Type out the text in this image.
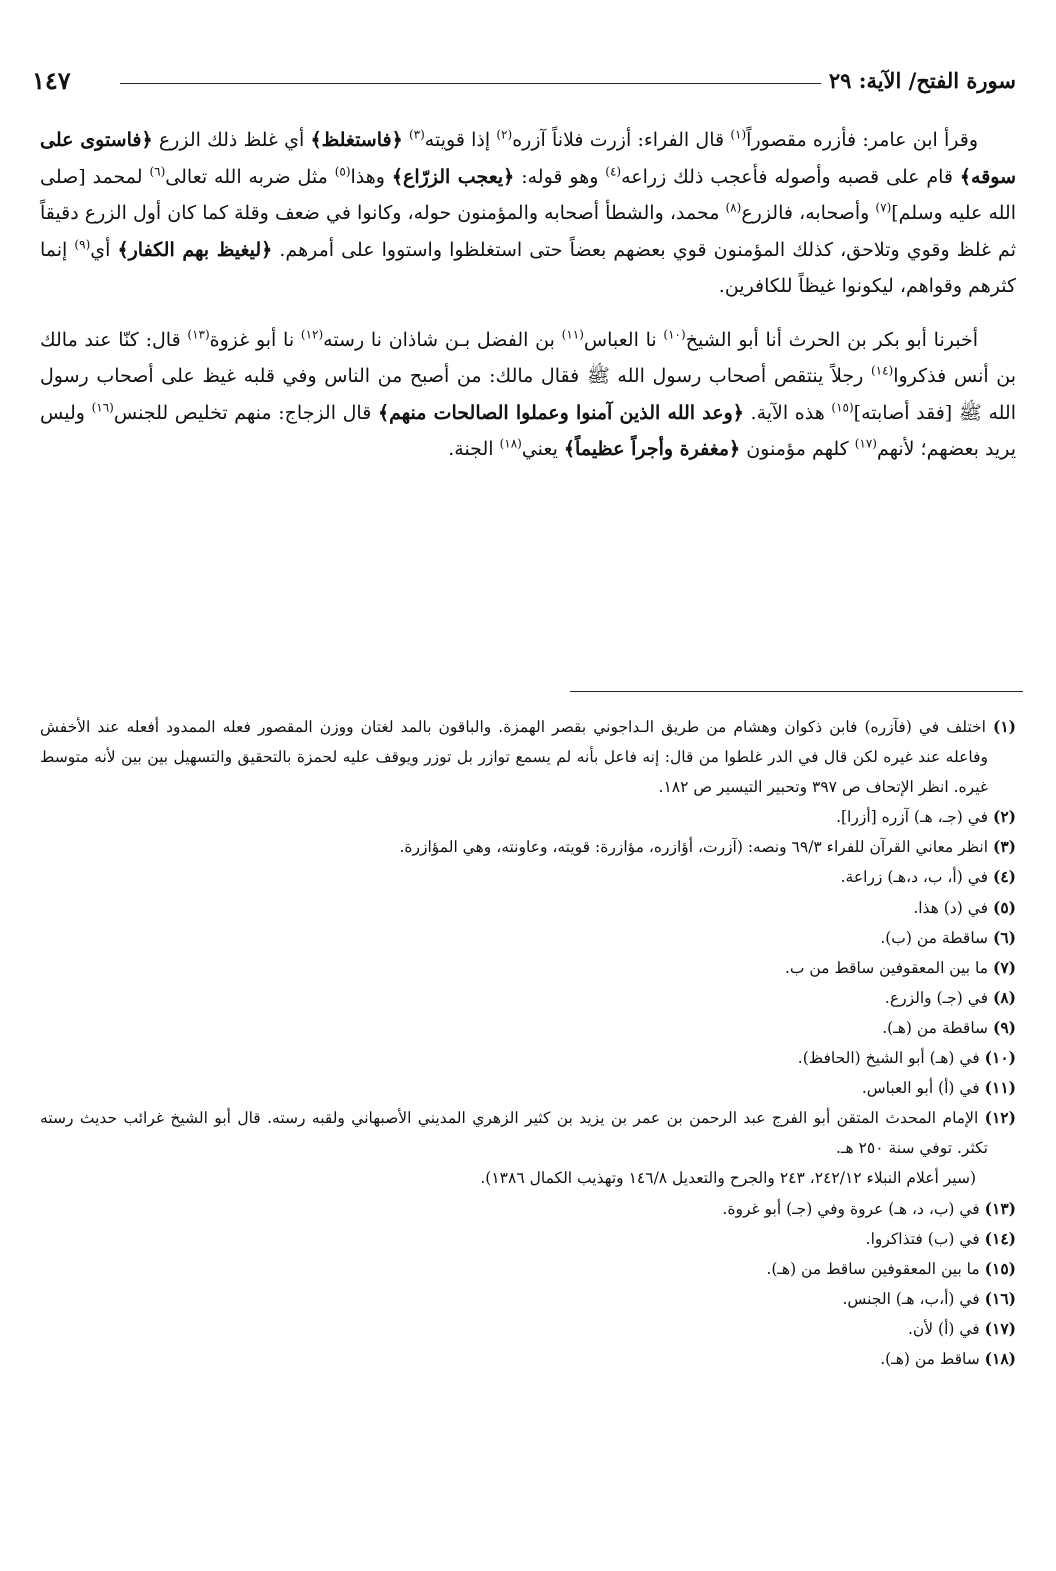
سورة الفتح/ الآية: ٢٩
١٤٧

وقرأ ابن عامر: فأزره مقصوراً$^{(١)}$ قال الفراء: أزرت فلاناً آزره$^{(٢)}$ إذا قويته$^{(٣)}$ ﴿فاستغلظ﴾ أي غلظ ذلك الزرع ﴿فاستوى على سوقه﴾ قام على قصبه وأصوله فأعجب ذلك زراعه$^{(٤)}$ وهو قوله: ﴿يعجب الزرّاع﴾ وهذا$^{(٥)}$ مثل ضربه الله تعالى$^{(٦)}$ لمحمد [صلى الله عليه وسلم]$^{(٧)}$ وأصحابه، فالزرع$^{(٨)}$ محمد، والشطأ أصحابه والمؤمنون حوله، وكانوا في ضعف وقلة كما كان أول الزرع دقيقاً ثم غلظ وقوي وتلاحق، كذلك المؤمنون قوي بعضهم بعضاً حتى استغلظوا واستووا على أمرهم. ﴿ليغيظ بهم الكفار﴾ أي$^{(٩)}$ إنما كثرهم وقواهم، ليكونوا غيظاً للكافرين.

أخبرنا أبو بكر بن الحرث أنا أبو الشيخ$^{(١٠)}$ نا العباس$^{(١١)}$ بن الفضل بـن شاذان نا رسته$^{(١٢)}$ نا أبو غزوة$^{(١٣)}$ قال: كنّا عند مالك بن أنس فذكروا$^{(١٤)}$ رجلاً ينتقص أصحاب رسول الله ﷺ فقال مالك: من أصبح من الناس وفي قلبه غيظ على أصحاب رسول الله ﷺ [فقد أصابته]$^{(١٥)}$ هذه الآية. ﴿وعد الله الذين آمنوا وعملوا الصالحات منهم﴾ قال الزجاج: منهم تخليص للجنس$^{(١٦)}$ وليس يريد بعضهم؛ لأنهم$^{(١٧)}$ كلهم مؤمنون ﴿مغفرة وأجراً عظيماً﴾ يعني$^{(١٨)}$ الجنة.

(١) اختلف في (فآزره) فابن ذكوان وهشام من طريق الـداجوني بقصر الهمزة. والباقون بالمد لغتان ووزن المقصور فعله الممدود أفعله عند الأخفش وفاعله عند غيره لكن قال في الدر غلطوا من قال: إنه فاعل بأنه لم يسمع توازر بل توزر ويوقف عليه لحمزة بالتحقيق والتسهيل بين بين لأنه متوسط غيره. انظر الإتحاف ص ٣٩٧ وتحبير التيسير ص ١٨٢.

(٢) في (جـ، هـ) آزره [أزرا].

(٣) انظر معاني القرآن للفراء ٦٩/٣ ونصه: (آزرت، أؤازره، مؤازرة: قويته، وعاونته، وهي المؤازرة.

(٤) في (أ، ب، د،هـ) زراعة.

(٥) في (د) هذا.

(٦) ساقطة من (ب).

(٧) ما بين المعقوفين ساقط من ب.

(٨) في (جـ) والزرع.

(٩) ساقطة من (هـ).

(١٠) في (هـ) أبو الشيخ (الحافظ).

(١١) في (أ) أبو العباس.

(١٢) الإمام المحدث المتقن أبو الفرج عبد الرحمن بن عمر بن يزيد بن كثير الزهري المديني الأصبهاني ولقبه رسته. قال أبو الشيخ غرائب حديث رسته تكثر. توفي سنة ٢٥٠ هـ.

(سير أعلام النبلاء ٢٤٢/١٢، ٢٤٣ والجرح والتعديل ١٤٦/٨ وتهذيب الكمال ١٣٨٦).

(١٣) في (ب، د، هـ) عروة وفي (جـ) أبو غروة.

(١٤) في (ب) فتذاكروا.

(١٥) ما بين المعقوفين ساقط من (هـ).

(١٦) في (أ،ب، هـ) الجنس.

(١٧) في (أ) لأن.

(١٨) ساقط من (هـ).
